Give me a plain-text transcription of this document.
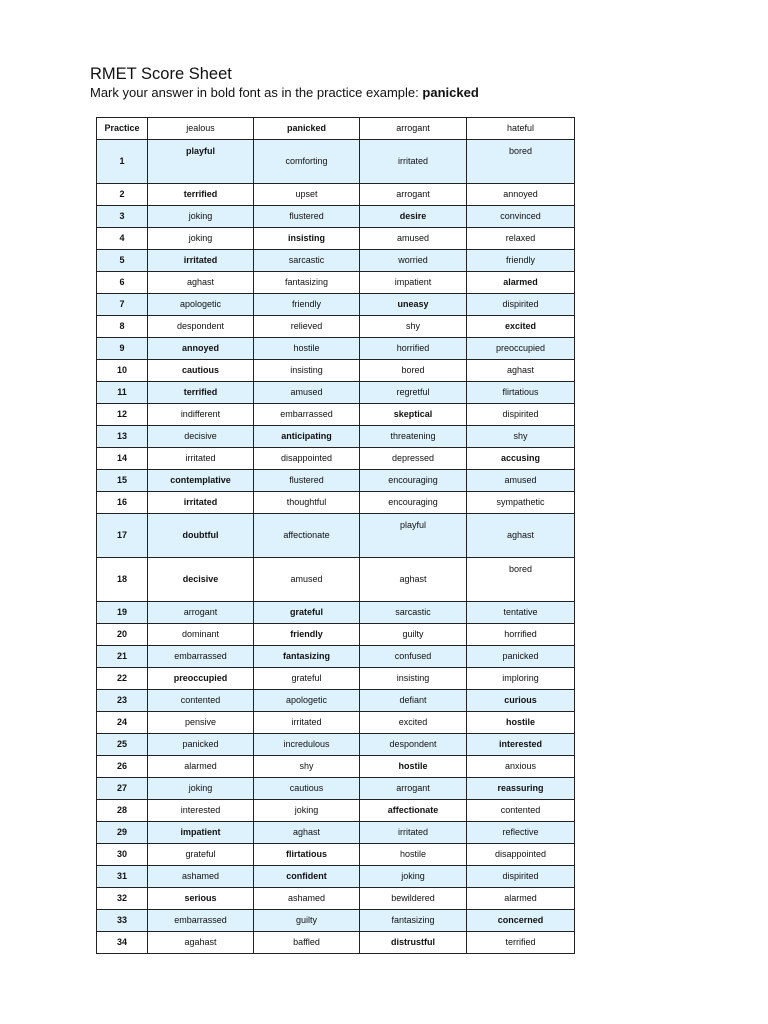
RMET Score Sheet

Mark your answer in bold font as in the practice example: panicked

Practice	jealous	panicked	arrogant	hateful
1	playful	comforting	irritated	bored
2	terrified	upset	arrogant	annoyed
3	joking	flustered	desire	convinced
4	joking	insisting	amused	relaxed
5	irritated	sarcastic	worried	friendly
6	aghast	fantasizing	impatient	alarmed
7	apologetic	friendly	uneasy	dispirited
8	despondent	relieved	shy	excited
9	annoyed	hostile	horrified	preoccupied
10	cautious	insisting	bored	aghast
11	terrified	amused	regretful	flirtatious
12	indifferent	embarrassed	skeptical	dispirited
13	decisive	anticipating	threatening	shy
14	irritated	disappointed	depressed	accusing
15	contemplative	flustered	encouraging	amused
16	irritated	thoughtful	encouraging	sympathetic
17	doubtful	affectionate	playful	aghast
18	decisive	amused	aghast	bored
19	arrogant	grateful	sarcastic	tentative
20	dominant	friendly	guilty	horrified
21	embarrassed	fantasizing	confused	panicked
22	preoccupied	grateful	insisting	imploring
23	contented	apologetic	defiant	curious
24	pensive	irritated	excited	hostile
25	panicked	incredulous	despondent	interested
26	alarmed	shy	hostile	anxious
27	joking	cautious	arrogant	reassuring
28	interested	joking	affectionate	contented
29	impatient	aghast	irritated	reflective
30	grateful	flirtatious	hostile	disappointed
31	ashamed	confident	joking	dispirited
32	serious	ashamed	bewildered	alarmed
33	embarrassed	guilty	fantasizing	concerned
34	agahast	baffled	distrustful	terrified
